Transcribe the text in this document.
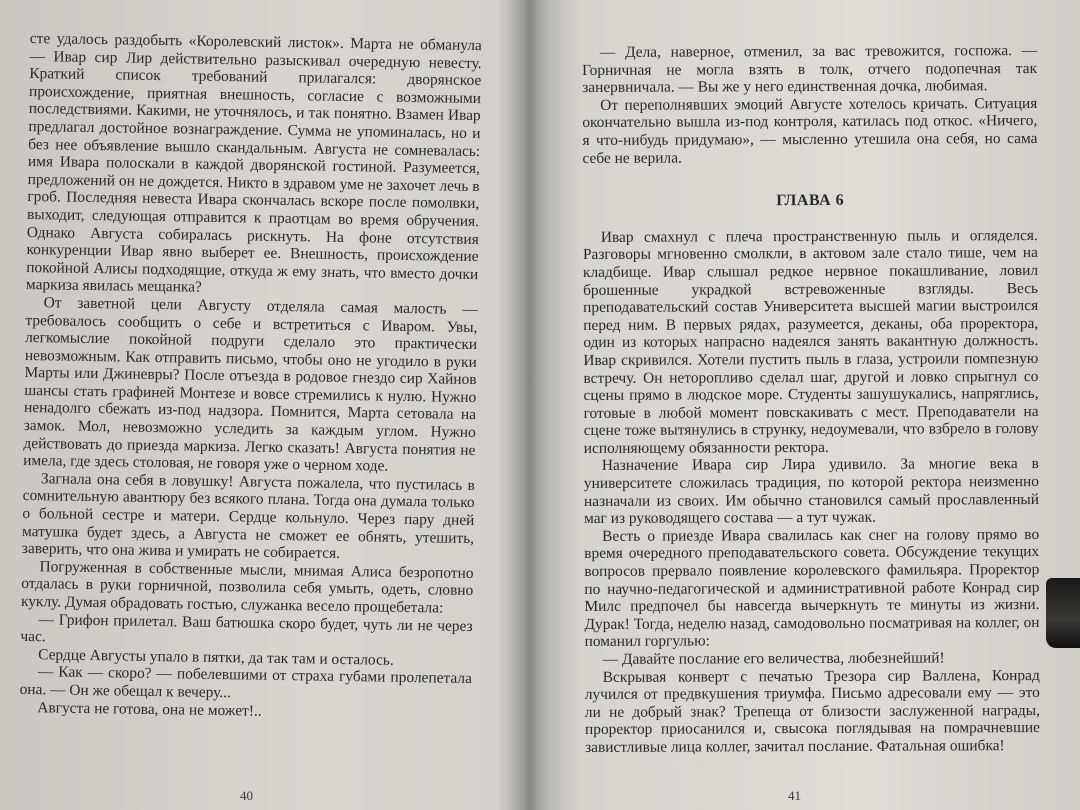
сте удалось раздобыть «Королевский листок». Марта не обманула — Ивар сир Лир действительно разыскивал очередную невесту. Краткий список требований прилагался: дворянское происхождение, приятная внешность, согласие с возможными последствиями. Какими, не уточнялось, и так понятно. Взамен Ивар предлагал достойное вознаграждение. Сумма не упоминалась, но и без нее объявление вышло скандальным. Августа не сомневалась: имя Ивара полоскали в каждой дворянской гостиной. Разумеется, предложений он не дождется. Никто в здравом уме не захочет лечь в гроб. Последняя невеста Ивара скончалась вскоре после помолвки, выходит, следующая отправится к праотцам во время обручения. Однако Августа собиралась рискнуть. На фоне отсутствия конкуренции Ивар явно выберет ее. Внешность, происхождение покойной Алисы подходящие, откуда ж ему знать, что вместо дочки маркиза явилась мещанка?

От заветной цели Августу отделяла самая малость — требовалось сообщить о себе и встретиться с Иваром. Увы, легкомыслие покойной подруги сделало это практически невозможным. Как отправить письмо, чтобы оно не угодило в руки Марты или Джиневры? После отъезда в родовое гнездо сир Хайнов шансы стать графиней Монтезе и вовсе стремились к нулю. Нужно ненадолго сбежать из-под надзора. Помнится, Марта сетовала на замок. Мол, невозможно уследить за каждым углом. Нужно действовать до приезда маркиза. Легко сказать! Августа понятия не имела, где здесь столовая, не говоря уже о черном ходе.

Загнала она себя в ловушку! Августа пожалела, что пустилась в сомнительную авантюру без всякого плана. Тогда она думала только о больной сестре и матери. Сердце кольнуло. Через пару дней матушка будет здесь, а Августа не сможет ее обнять, утешить, заверить, что она жива и умирать не собирается.

Погруженная в собственные мысли, мнимая Алиса безропотно отдалась в руки горничной, позволила себя умыть, одеть, словно куклу. Думая обрадовать гостью, служанка весело прощебетала:

— Грифон прилетал. Ваш батюшка скоро будет, чуть ли не через час.

Сердце Августы упало в пятки, да так там и осталось.

— Как — скоро? — побелевшими от страха губами пролепетала она. — Он же обещал к вечеру...

Августа не готова, она не может!..

40

— Дела, наверное, отменил, за вас тревожится, госпожа. — Горничная не могла взять в толк, отчего подопечная так занервничала. — Вы же у него единственная дочка, любимая.

От переполнявших эмоций Августе хотелось кричать. Ситуация окончательно вышла из-под контроля, катилась под откос. «Ничего, я что-нибудь придумаю», — мысленно утешила она себя, но сама себе не верила.

ГЛАВА 6

Ивар смахнул с плеча пространственную пыль и огляделся. Разговоры мгновенно смолкли, в актовом зале стало тише, чем на кладбище. Ивар слышал редкое нервное покашливание, ловил брошенные украдкой встревоженные взгляды. Весь преподавательский состав Университета высшей магии выстроился перед ним. В первых рядах, разумеется, деканы, оба проректора, один из которых напрасно надеялся занять вакантную должность. Ивар скривился. Хотели пустить пыль в глаза, устроили помпезную встречу. Он неторопливо сделал шаг, другой и ловко спрыгнул со сцены прямо в людское море. Студенты зашушукались, напряглись, готовые в любой момент повскакивать с мест. Преподаватели на сцене тоже вытянулись в струнку, недоумевали, что взбрело в голову исполняющему обязанности ректора.

Назначение Ивара сир Лира удивило. За многие века в университете сложилась традиция, по которой ректора неизменно назначали из своих. Им обычно становился самый прославленный маг из руководящего состава — а тут чужак.

Весть о приезде Ивара свалилась как снег на голову прямо во время очередного преподавательского совета. Обсуждение текущих вопросов прервало появление королевского фамильяра. Проректор по научно-педагогической и административной работе Конрад сир Милс предпочел бы навсегда вычеркнуть те минуты из жизни. Дурак! Тогда, неделю назад, самодовольно посматривая на коллег, он поманил горгулью:

— Давайте послание его величества, любезнейший!

Вскрывая конверт с печатью Трезора сир Валлена, Конрад лучился от предвкушения триумфа. Письмо адресовали ему — это ли не добрый знак? Трепеща от близости заслуженной награды, проректор приосанился и, свысока поглядывая на помрачневшие завистливые лица коллег, зачитал послание. Фатальная ошибка!

41
